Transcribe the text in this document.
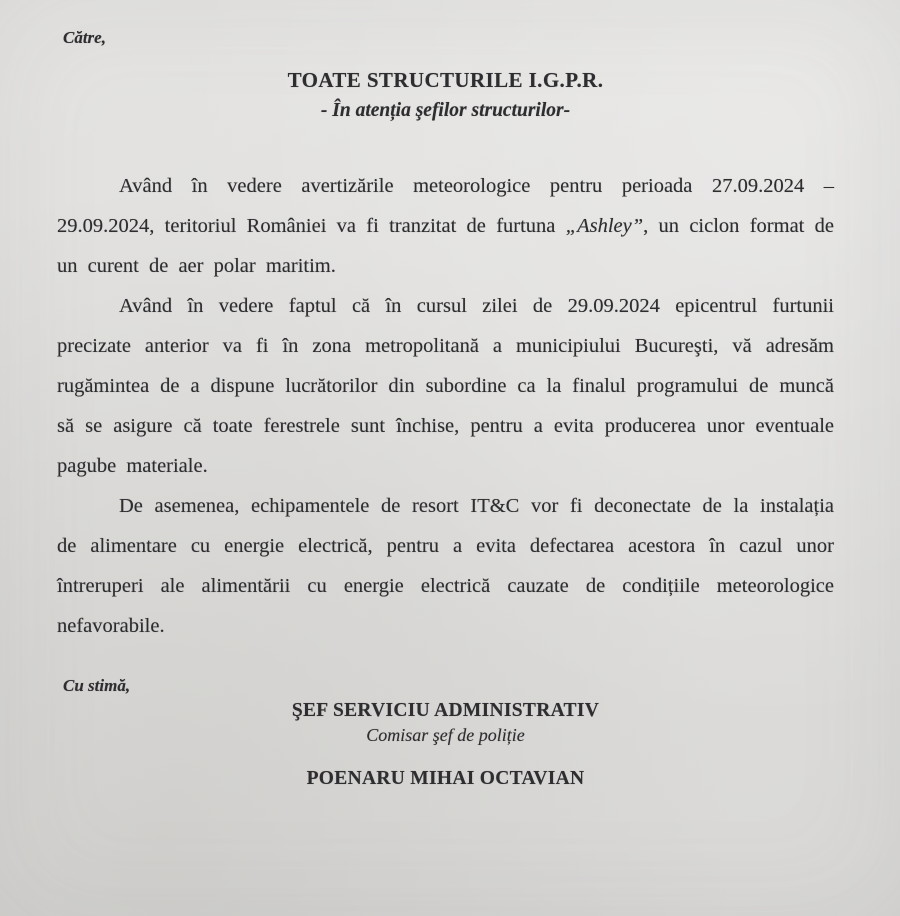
Către,
TOATE STRUCTURILE I.G.P.R.
- În atenția şefilor structurilor-

Având în vedere avertizările meteorologice pentru perioada 27.09.2024 – 29.09.2024, teritoriul României va fi tranzitat de furtuna „Ashley”, un ciclon format de un curent de aer polar maritim.

Având în vedere faptul că în cursul zilei de 29.09.2024 epicentrul furtunii precizate anterior va fi în zona metropolitană a municipiului Bucureşti, vă adresăm rugămintea de a dispune lucrătorilor din subordine ca la finalul programului de muncă să se asigure că toate ferestrele sunt închise, pentru a evita producerea unor eventuale pagube materiale.

De asemenea, echipamentele de resort IT&C vor fi deconectate de la instalația de alimentare cu energie electrică, pentru a evita defectarea acestora în cazul unor întreruperi ale alimentării cu energie electrică cauzate de condițiile meteorologice nefavorabile.

Cu stimă,
ŞEF SERVICIU ADMINISTRATIV
Comisar şef de poliție
POENARU MIHAI OCTAVIAN
